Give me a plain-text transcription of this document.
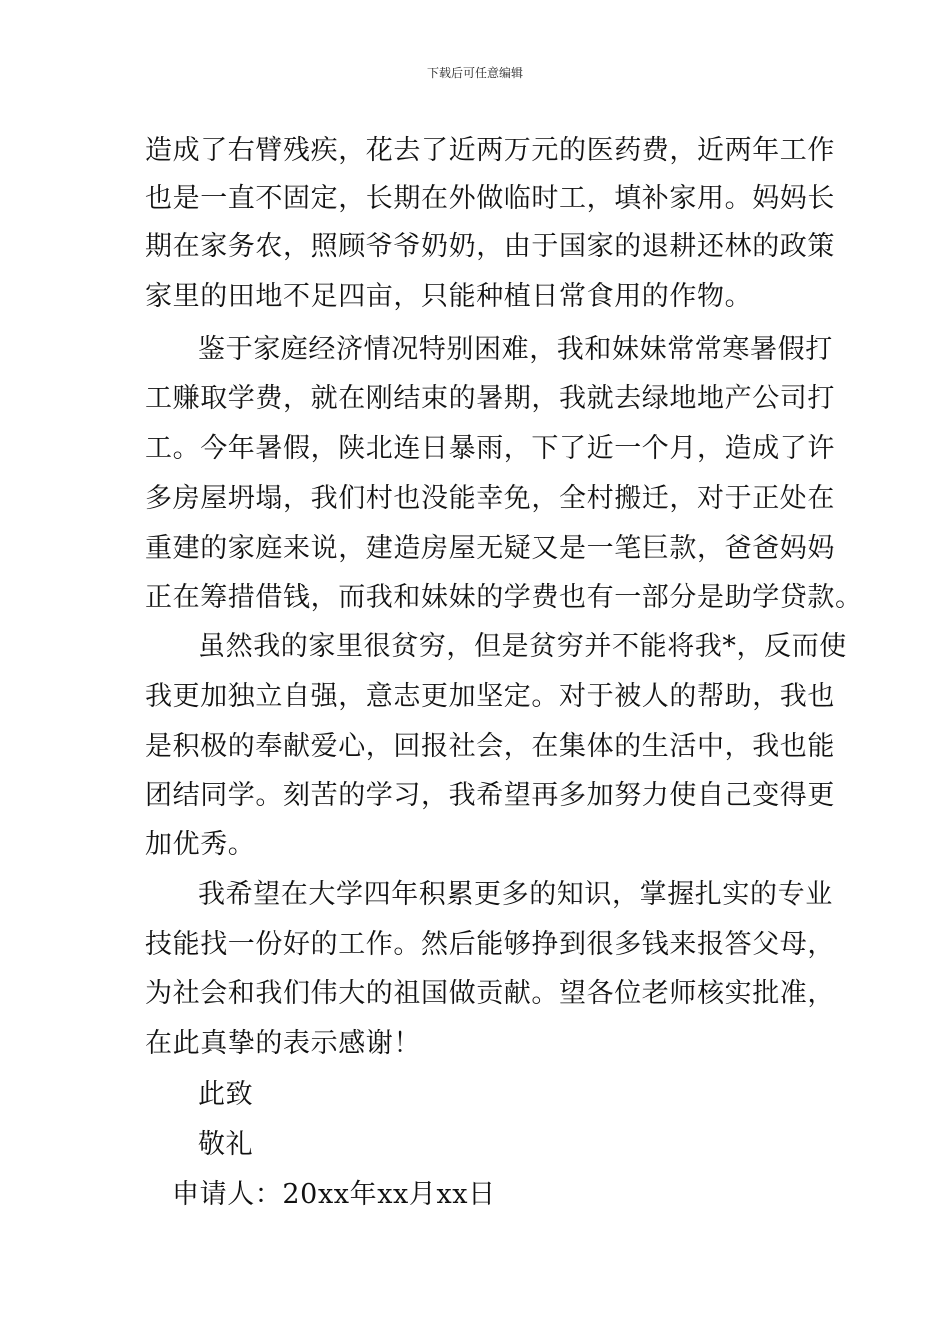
下载后可任意编辑
造成了右臂残疾，花去了近两万元的医药费，近两年工作
也是一直不固定，长期在外做临时工，填补家用。妈妈长
期在家务农，照顾爷爷奶奶，由于国家的退耕还林的政策
家里的田地不足四亩，只能种植日常食用的作物。
鉴于家庭经济情况特别困难，我和妹妹常常寒暑假打
工赚取学费，就在刚结束的暑期，我就去绿地地产公司打
工。今年暑假，陕北连日暴雨，下了近一个月，造成了许
多房屋坍塌，我们村也没能幸免，全村搬迁，对于正处在
重建的家庭来说，建造房屋无疑又是一笔巨款，爸爸妈妈
正在筹措借钱，而我和妹妹的学费也有一部分是助学贷款。
虽然我的家里很贫穷，但是贫穷并不能将我*，反而使
我更加独立自强，意志更加坚定。对于被人的帮助，我也
是积极的奉献爱心，回报社会，在集体的生活中，我也能
团结同学。刻苦的学习，我希望再多加努力使自己变得更
加优秀。
我希望在大学四年积累更多的知识，掌握扎实的专业
技能找一份好的工作。然后能够挣到很多钱来报答父母，
为社会和我们伟大的祖国做贡献。望各位老师核实批准，
在此真挚的表示感谢！
此致
敬礼
申请人：20xx年xx月xx日
